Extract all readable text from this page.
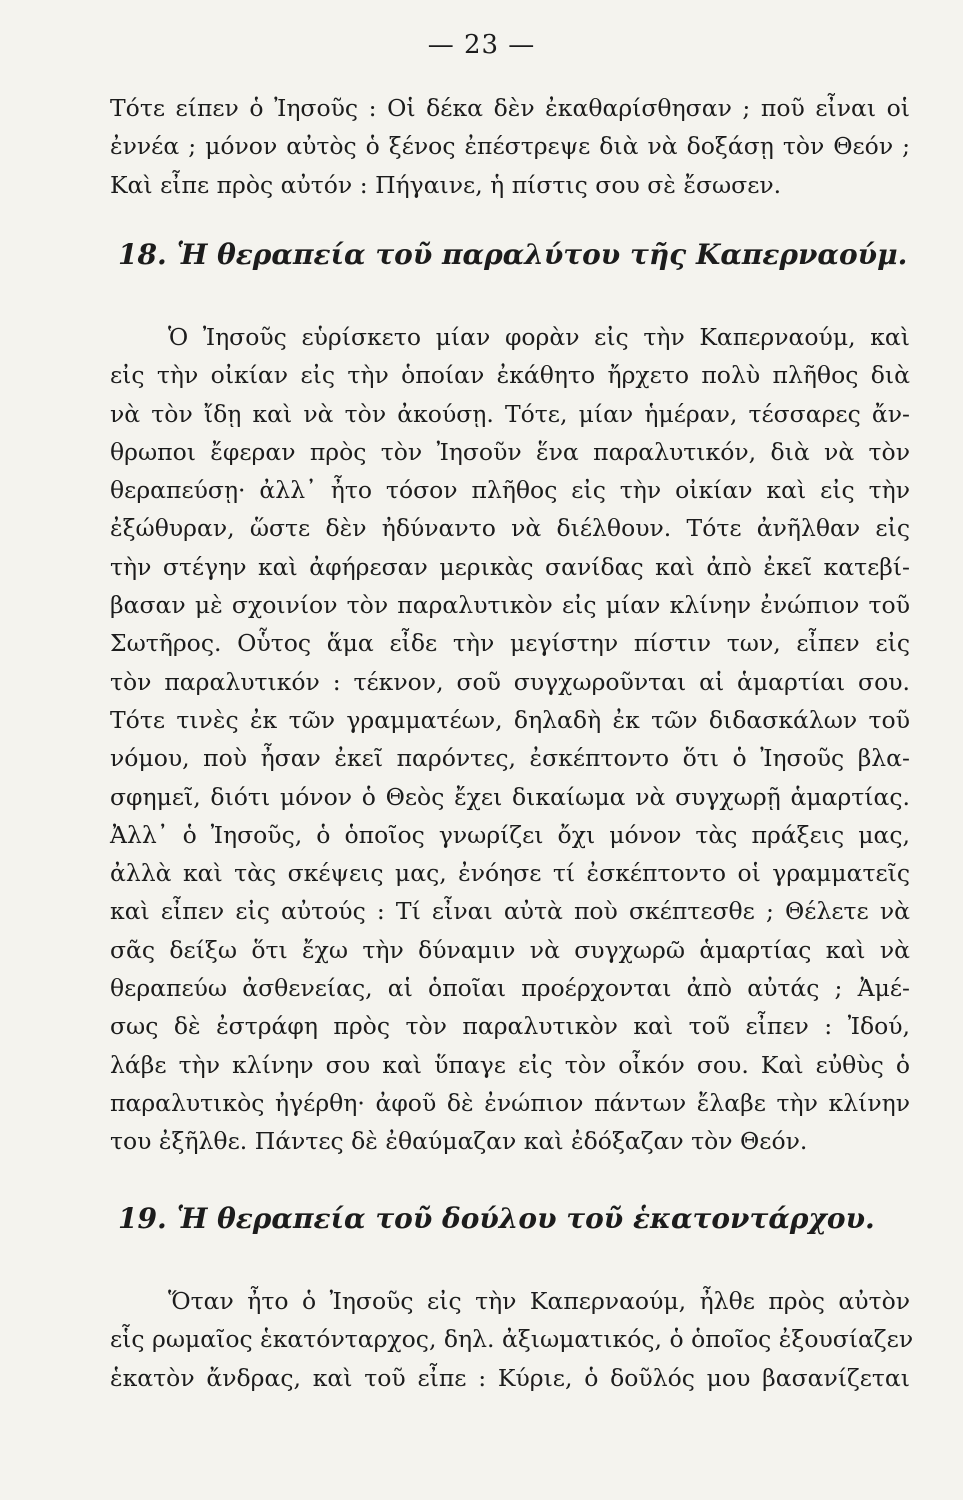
— 23 —
Τότε είπεν ὁ Ἰησοῦς : Οἱ δέκα δὲν ἐκαθαρίσθησαν ; ποῦ εἶναι οἱ
ἐννέα ; μόνον αὐτὸς ὁ ξένος ἐπέστρεψε διὰ νὰ δοξάσῃ τὸν Θεόν ;
Καὶ εἶπε πρὸς αὐτόν : Πήγαινε, ἡ πίστις σου σὲ ἔσωσεν.
18. Ἡ θεραπεία τοῦ παραλύτου τῆς Καπερναούμ.
Ὁ Ἰησοῦς εὑρίσκετο μίαν φορὰν εἰς τὴν Καπερναούμ, καὶ
εἰς τὴν οἰκίαν εἰς τὴν ὁποίαν ἐκάθητο ἤρχετο πολὺ πλῆθος διὰ
νὰ τὸν ἴδῃ καὶ νὰ τὸν ἀκούσῃ. Τότε, μίαν ἡμέραν, τέσσαρες ἄν-
θρωποι ἔφεραν πρὸς τὸν Ἰησοῦν ἕνα παραλυτικόν, διὰ νὰ τὸν
θεραπεύσῃ· ἀλλ᾽ ἦτο τόσον πλῆθος εἰς τὴν οἰκίαν καὶ εἰς τὴν
ἐξώθυραν, ὥστε δὲν ἠδύναντο νὰ διέλθουν. Τότε ἀνῆλθαν εἰς
τὴν στέγην καὶ ἀφήρεσαν μερικὰς σανίδας καὶ ἀπὸ ἐκεῖ κατεβί-
βασαν μὲ σχοινίον τὸν παραλυτικὸν εἰς μίαν κλίνην ἐνώπιον τοῦ
Σωτῆρος. Οὗτος ἅμα εἶδε τὴν μεγίστην πίστιν των, εἶπεν εἰς
τὸν παραλυτικόν : τέκνον, σοῦ συγχωροῦνται αἱ ἁμαρτίαι σου.
Τότε τινὲς ἐκ τῶν γραμματέων, δηλαδὴ ἐκ τῶν διδασκάλων τοῦ
νόμου, ποὺ ἦσαν ἐκεῖ παρόντες, ἐσκέπτοντο ὅτι ὁ Ἰησοῦς βλα-
σφημεῖ, διότι μόνον ὁ Θεὸς ἔχει δικαίωμα νὰ συγχωρῇ ἁμαρτίας.
Ἀλλ᾽ ὁ Ἰησοῦς, ὁ ὁποῖος γνωρίζει ὄχι μόνον τὰς πράξεις μας,
ἀλλὰ καὶ τὰς σκέψεις μας, ἐνόησε τί ἐσκέπτοντο οἱ γραμματεῖς
καὶ εἶπεν εἰς αὐτούς : Τί εἶναι αὐτὰ ποὺ σκέπτεσθε ; Θέλετε νὰ
σᾶς δείξω ὅτι ἔχω τὴν δύναμιν νὰ συγχωρῶ ἁμαρτίας καὶ νὰ
θεραπεύω ἀσθενείας, αἱ ὁποῖαι προέρχονται ἀπὸ αὐτάς ; Ἀμέ-
σως δὲ ἐστράφη πρὸς τὸν παραλυτικὸν καὶ τοῦ εἶπεν : Ἰδού,
λάβε τὴν κλίνην σου καὶ ὕπαγε εἰς τὸν οἶκόν σου. Καὶ εὐθὺς ὁ
παραλυτικὸς ἠγέρθη· ἀφοῦ δὲ ἐνώπιον πάντων ἔλαβε τὴν κλίνην
του ἐξῆλθε. Πάντες δὲ ἐθαύμαζαν καὶ ἐδόξαζαν τὸν Θεόν.
19. Ἡ θεραπεία τοῦ δούλου τοῦ ἑκατοντάρχου.
Ὅταν ἦτο ὁ Ἰησοῦς εἰς τὴν Καπερναούμ, ἦλθε πρὸς αὐτὸν
εἷς ρωμαῖος ἑκατόνταρχος, δηλ. ἀξιωματικός, ὁ ὁποῖος ἐξουσίαζεν
ἑκατὸν ἄνδρας, καὶ τοῦ εἶπε : Κύριε, ὁ δοῦλός μου βασανίζεται
